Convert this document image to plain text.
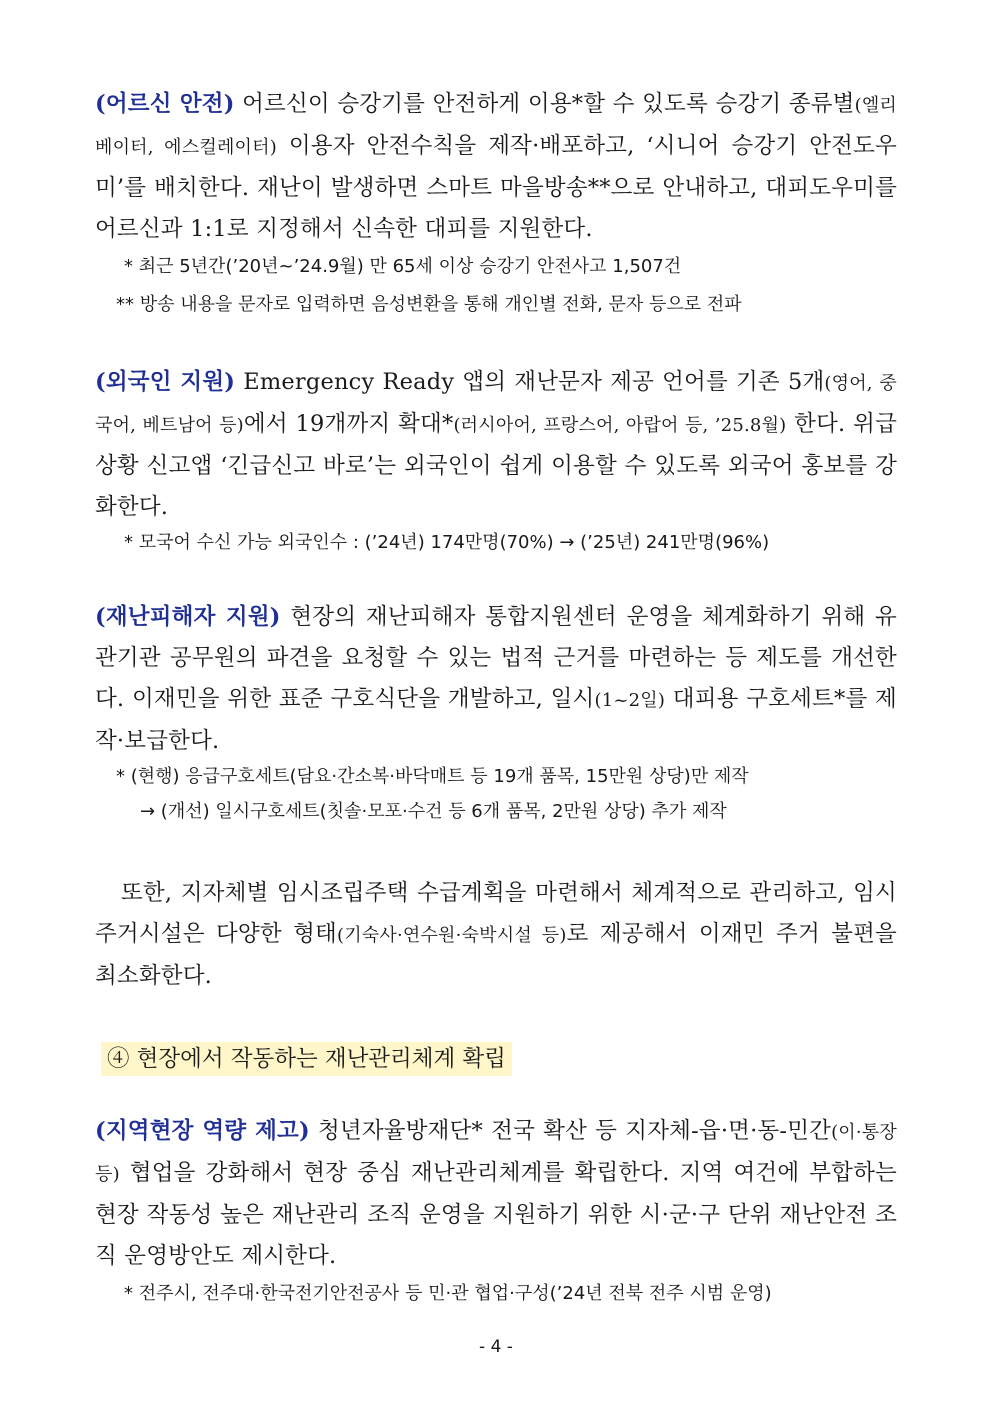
(어르신 안전) 어르신이 승강기를 안전하게 이용*할 수 있도록 승강기 종류별(엘리베이터, 에스컬레이터) 이용자 안전수칙을 제작·배포하고, ‘시니어 승강기 안전도우미’를 배치한다. 재난이 발생하면 스마트 마을방송**으로 안내하고, 대피도우미를 어르신과 1:1로 지정해서 신속한 대피를 지원한다.
* 최근 5년간(’20년~’24.9월) 만 65세 이상 승강기 안전사고 1,507건
** 방송 내용을 문자로 입력하면 음성변환을 통해 개인별 전화, 문자 등으로 전파
(외국인 지원) Emergency Ready 앱의 재난문자 제공 언어를 기존 5개(영어, 중국어, 베트남어 등)에서 19개까지 확대*(러시아어, 프랑스어, 아랍어 등, ’25.8월) 한다. 위급상황 신고앱 ‘긴급신고 바로’는 외국인이 쉽게 이용할 수 있도록 외국어 홍보를 강화한다.
* 모국어 수신 가능 외국인수 : (’24년) 174만명(70%) → (’25년) 241만명(96%)
(재난피해자 지원) 현장의 재난피해자 통합지원센터 운영을 체계화하기 위해 유관기관 공무원의 파견을 요청할 수 있는 법적 근거를 마련하는 등 제도를 개선한다. 이재민을 위한 표준 구호식단을 개발하고, 일시(1~2일) 대피용 구호세트*를 제작·보급한다.
* (현행) 응급구호세트(담요·간소복·바닥매트 등 19개 품목, 15만원 상당)만 제작
→ (개선) 일시구호세트(칫솔·모포·수건 등 6개 품목, 2만원 상당) 추가 제작
또한, 지자체별 임시조립주택 수급계획을 마련해서 체계적으로 관리하고, 임시주거시설은 다양한 형태(기숙사·연수원·숙박시설 등)로 제공해서 이재민 주거 불편을 최소화한다.
④ 현장에서 작동하는 재난관리체계 확립
(지역현장 역량 제고) 청년자율방재단* 전국 확산 등 지자체-읍·면·동-민간(이·통장 등) 협업을 강화해서 현장 중심 재난관리체계를 확립한다. 지역 여건에 부합하는 현장 작동성 높은 재난관리 조직 운영을 지원하기 위한 시·군·구 단위 재난안전 조직 운영방안도 제시한다.
* 전주시, 전주대·한국전기안전공사 등 민·관 협업·구성(’24년 전북 전주 시범 운영)
- 4 -
